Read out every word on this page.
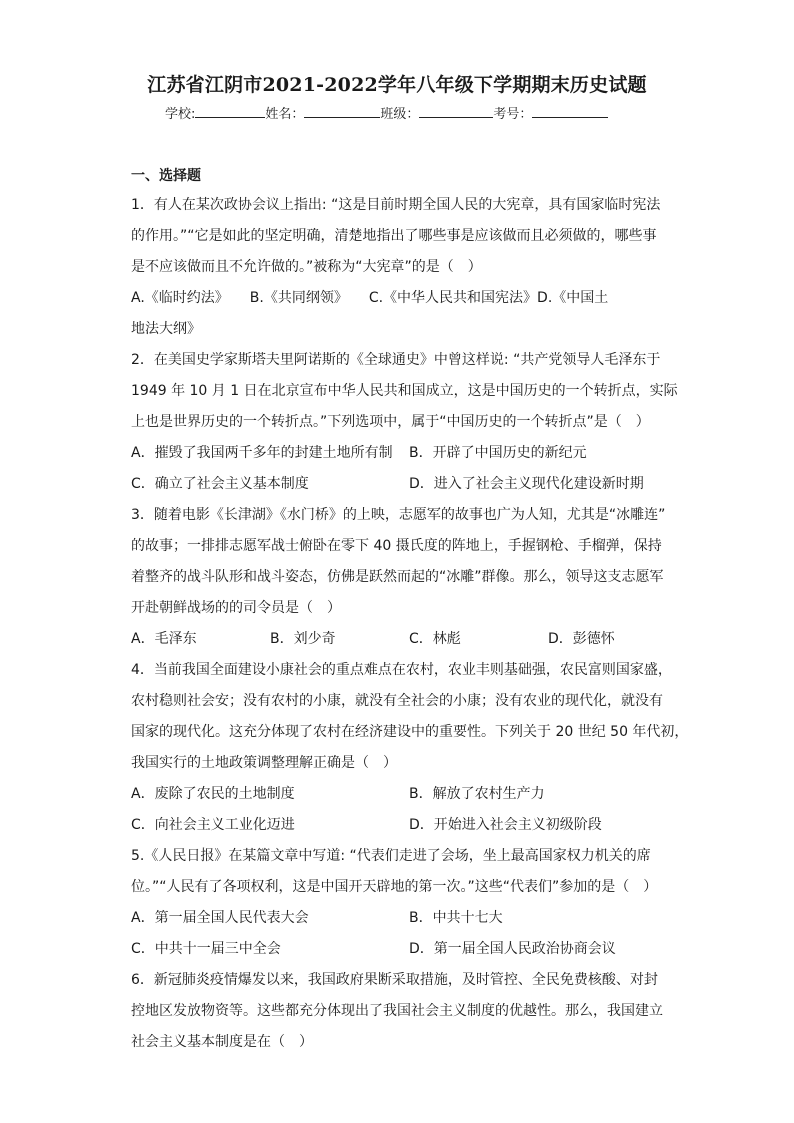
江苏省江阴市2021-2022学年八年级下学期期末历史试题
学校:	姓名：	班级：	考号：
一、选择题

1．有人在某次政协会议上指出: “这是目前时期全国人民的大宪章，具有国家临时宪法

的作用。”“它是如此的坚定明确，清楚地指出了哪些事是应该做而且必须做的，哪些事

是不应该做而且不允许做的。”被称为“大宪章”的是（　）

A.《临时约法》　　B.《共同纲领》　　C.《中华人民共和国宪法》D.《中国土

地法大纲》

2．在美国史学家斯塔夫里阿诺斯的《全球通史》中曾这样说: “共产党领导人毛泽东于

1949 年 10 月 1 日在北京宣布中华人民共和国成立，这是中国历史的一个转折点，实际

上也是世界历史的一个转折点。”下列选项中，属于“中国历史的一个转折点”是（　）

A．摧毁了我国两千多年的封建土地所有制	B．开辟了中国历史的新纪元
C．确立了社会主义基本制度	D．进入了社会主义现代化建设新时期

3．随着电影《长津湖》《水门桥》的上映，志愿军的故事也广为人知，尤其是“冰雕连”

的故事；一排排志愿军战士俯卧在零下 40 摄氏度的阵地上，手握钢枪、手榴弹，保持

着整齐的战斗队形和战斗姿态，仿佛是跃然而起的“冰雕”群像。那么，领导这支志愿军

开赴朝鲜战场的的司令员是（　）

A．毛泽东	B．刘少奇	C．林彪	D．彭德怀

4．当前我国全面建设小康社会的重点难点在农村，农业丰则基础强，农民富则国家盛，

农村稳则社会安；没有农村的小康，就没有全社会的小康；没有农业的现代化，就没有

国家的现代化。这充分体现了农村在经济建设中的重要性。下列关于 20 世纪 50 年代初，

我国实行的土地政策调整理解正确是（　）

A．废除了农民的土地制度	B．解放了农村生产力
C．向社会主义工业化迈进	D．开始进入社会主义初级阶段

5.《人民日报》在某篇文章中写道: “代表们走进了会场，坐上最高国家权力机关的席

位。”“人民有了各项权利，这是中国开天辟地的第一次。”这些“代表们”参加的是（　）

A．第一届全国人民代表大会	B．中共十七大
C．中共十一届三中全会	D．第一届全国人民政治协商会议

6．新冠肺炎疫情爆发以来，我国政府果断采取措施，及时管控、全民免费核酸、对封

控地区发放物资等。这些都充分体现出了我国社会主义制度的优越性。那么，我国建立

社会主义基本制度是在（　）
